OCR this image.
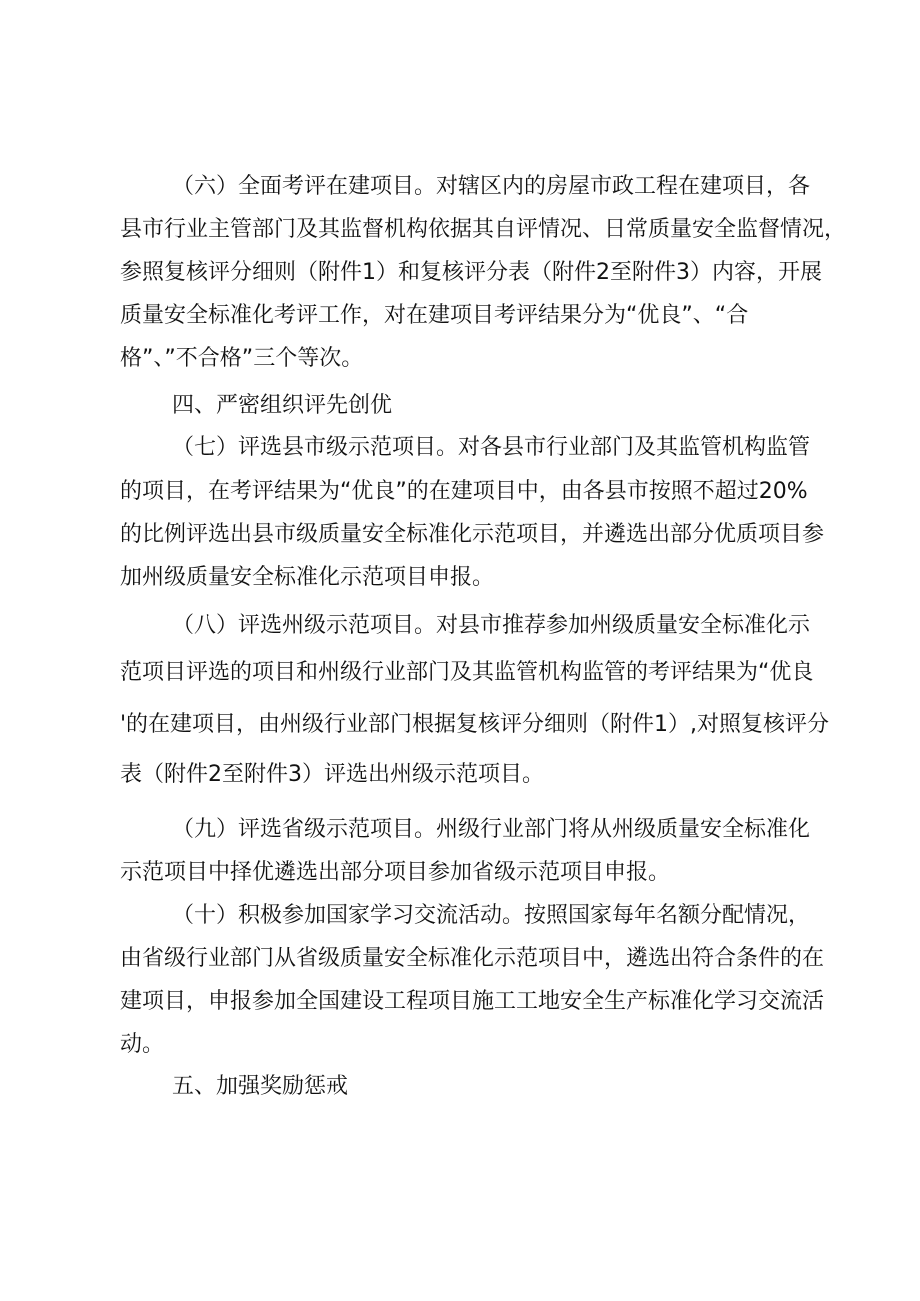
（六）全面考评在建项目。对辖区内的房屋市政工程在建项目，各
县市行业主管部门及其监督机构依据其自评情况、日常质量安全监督情况，
参照复核评分细则（附件1）和复核评分表（附件2至附件3）内容，开展
质量安全标准化考评工作，对在建项目考评结果分为“优良”、“合
格”、”不合格”三个等次。
四、严密组织评先创优
（七）评选县市级示范项目。对各县市行业部门及其监管机构监管
的项目，在考评结果为“优良”的在建项目中，由各县市按照不超过20%
的比例评选出县市级质量安全标准化示范项目，并遴选出部分优质项目参
加州级质量安全标准化示范项目申报。
（八）评选州级示范项目。对县市推荐参加州级质量安全标准化示
范项目评选的项目和州级行业部门及其监管机构监管的考评结果为“优良
'的在建项目，由州级行业部门根据复核评分细则（附件1）,对照复核评分
表（附件2至附件3）评选出州级示范项目。
（九）评选省级示范项目。州级行业部门将从州级质量安全标准化
示范项目中择优遴选出部分项目参加省级示范项目申报。
（十）积极参加国家学习交流活动。按照国家每年名额分配情况，
由省级行业部门从省级质量安全标准化示范项目中，遴选出符合条件的在
建项目，申报参加全国建设工程项目施工工地安全生产标准化学习交流活
动。
五、加强奖励惩戒
